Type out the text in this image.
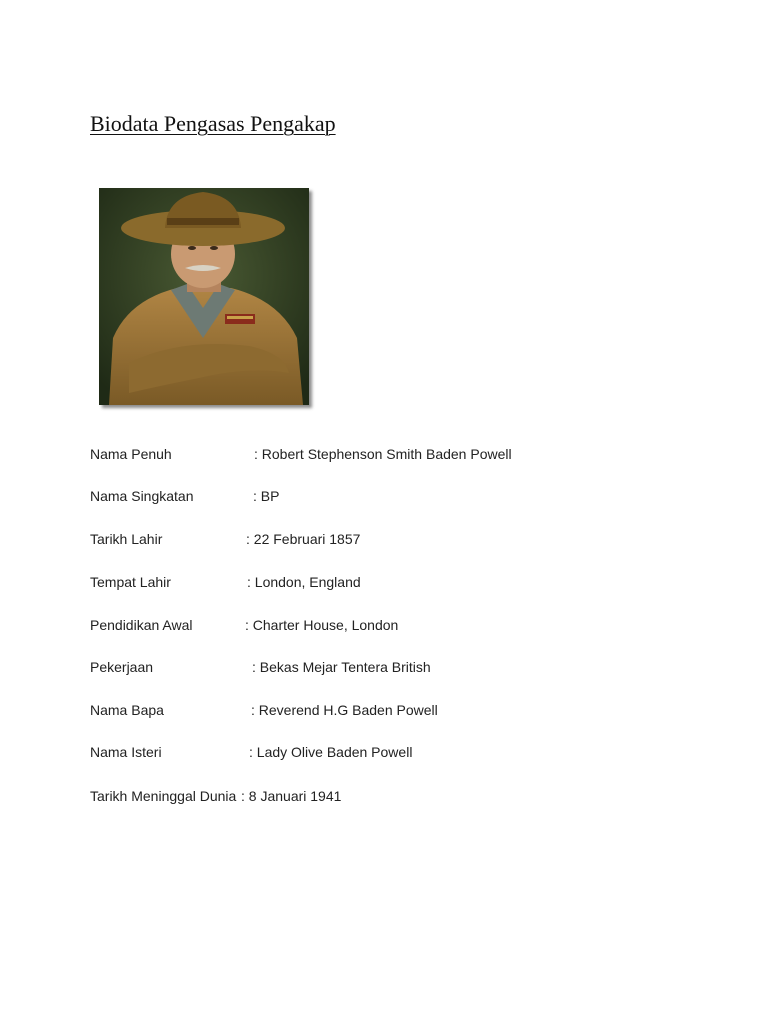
Biodata Pengasas Pengakap
Nama Penuh	: Robert Stephenson Smith Baden Powell
Nama Singkatan	: BP
Tarikh Lahir	: 22 Februari 1857
Tempat Lahir	: London, England
Pendidikan Awal	: Charter House, London
Pekerjaan	: Bekas Mejar Tentera British
Nama Bapa	: Reverend H.G Baden Powell
Nama Isteri	: Lady Olive Baden Powell
Tarikh Meninggal Dunia : 8 Januari 1941
